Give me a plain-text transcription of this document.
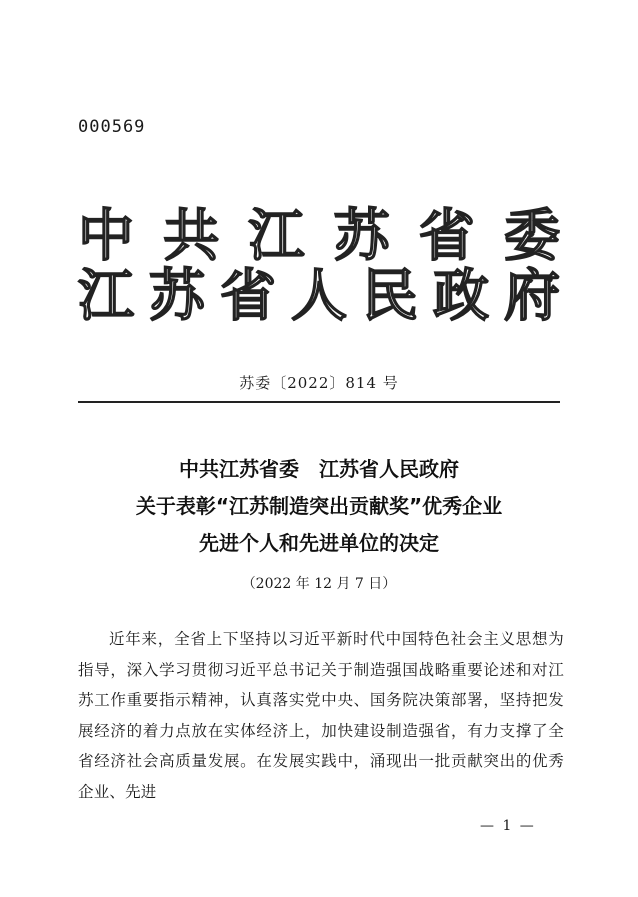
000569
中 共 江 苏 省 委
江 苏 省 人 民 政 府
苏委〔2022〕814 号
中共江苏省委　江苏省人民政府
关于表彰“江苏制造突出贡献奖”优秀企业
先进个人和先进单位的决定
（2022 年 12 月 7 日）
近年来，全省上下坚持以习近平新时代中国特色社会主义思想为指导，深入学习贯彻习近平总书记关于制造强国战略重要论述和对江苏工作重要指示精神，认真落实党中央、国务院决策部署，坚持把发展经济的着力点放在实体经济上，加快建设制造强省，有力支撑了全省经济社会高质量发展。在发展实践中，涌现出一批贡献突出的优秀企业、先进
— 1 —
